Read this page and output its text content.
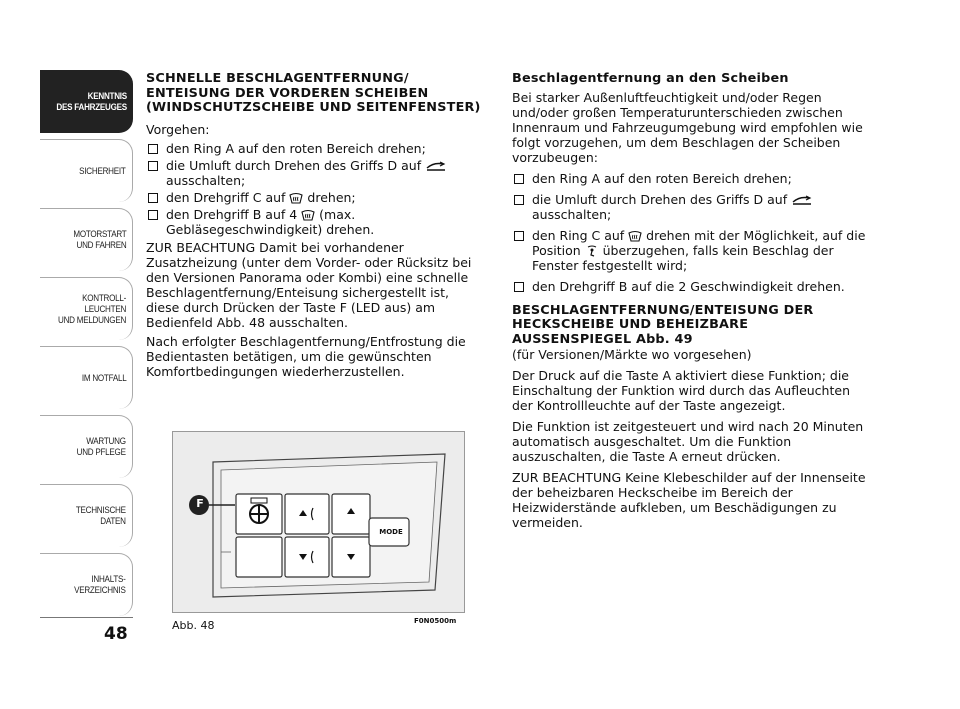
KENNTNIS
DES FAHRZEUGES
SICHERHEIT
MOTORSTART
UND FAHREN
KONTROLL-
LEUCHTEN
UND MELDUNGEN
IM NOTFALL
WARTUNG
UND PFLEGE
TECHNISCHE
DATEN
INHALTS-
VERZEICHNIS
48
SCHNELLE BESCHLAGENTFERNUNG/ ENTEISUNG DER VORDEREN SCHEIBEN (WINDSCHUTZSCHEIBE UND SEITENFENSTER)

Vorgehen:

den Ring A auf den roten Bereich drehen;
die Umluft durch Drehen des Griffs D auf  ausschalten;
den Drehgriff C auf  drehen;
den Drehgriff B auf 4  (max. Gebläsegeschwindigkeit) drehen.

ZUR BEACHTUNG Damit bei vorhandener Zusatzheizung (unter dem Vorder- oder Rücksitz bei den Versionen Panorama oder Kombi) eine schnelle Beschlagentfernung/Enteisung sichergestellt ist, diese durch Drücken der Taste F (LED aus) am Bedienfeld Abb. 48 ausschalten.

Nach erfolgter Beschlagentfernung/Entfrostung die Bedientasten betätigen, um die gewünschten Komfortbedingungen wiederherzustellen.

F
MODE
Abb. 48	F0N0500m
Beschlagentfernung an den Scheiben

Bei starker Außenluftfeuchtigkeit und/oder Regen und/oder großen Temperaturunterschieden zwischen Innenraum und Fahrzeugumgebung wird empfohlen wie folgt vorzugehen, um dem Beschlagen der Scheiben vorzubeugen:

den Ring A auf den roten Bereich drehen;
die Umluft durch Drehen des Griffs D auf  ausschalten;
den Ring C auf  drehen mit der Möglichkeit, auf die Position  überzugehen, falls kein Beschlag der Fenster festgestellt wird;
den Drehgriff B auf die 2 Geschwindigkeit drehen.
BESCHLAGENTFERNUNG/ENTEISUNG DER HECKSCHEIBE UND BEHEIZBARE AUSSENSPIEGEL Abb. 49

(für Versionen/Märkte wo vorgesehen)

Der Druck auf die Taste A aktiviert diese Funktion; die Einschaltung der Funktion wird durch das Aufleuchten der Kontrollleuchte auf der Taste angezeigt.

Die Funktion ist zeitgesteuert und wird nach 20 Minuten automatisch ausgeschaltet. Um die Funktion auszuschalten, die Taste A erneut drücken.

ZUR BEACHTUNG Keine Klebeschilder auf der Innenseite der beheizbaren Heckscheibe im Bereich der Heizwiderstände aufkleben, um Beschädigungen zu vermeiden.
